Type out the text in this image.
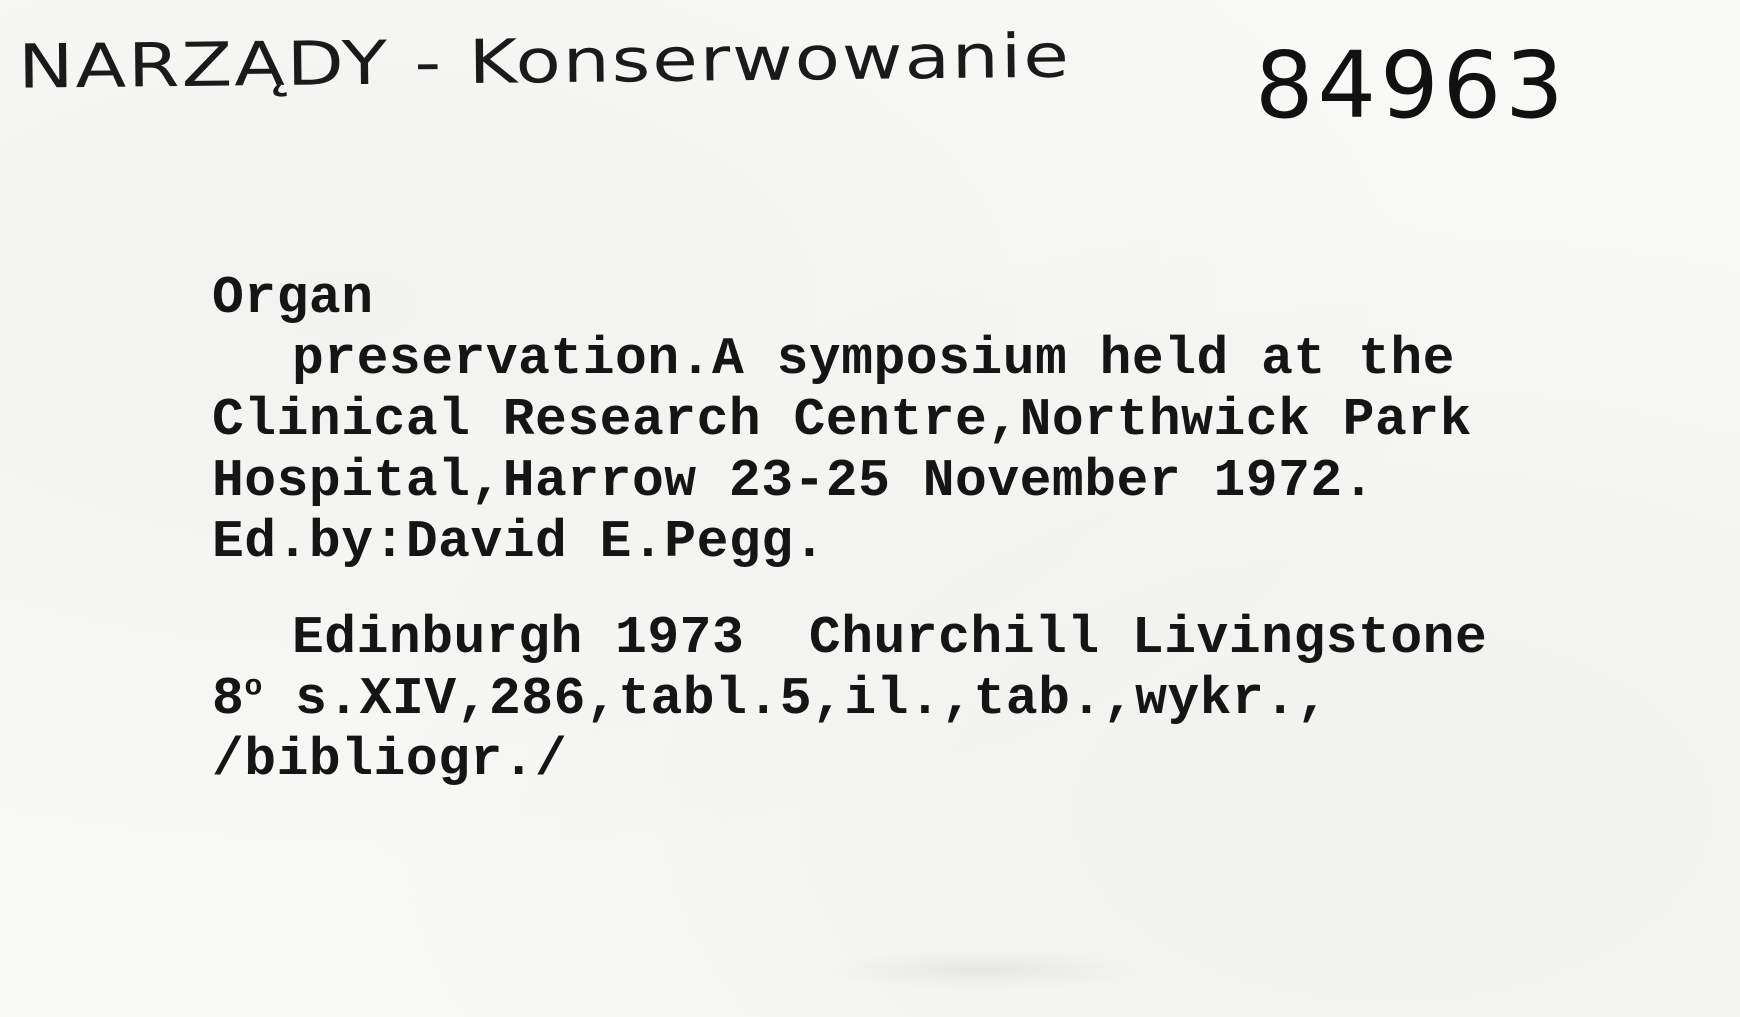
NARZĄDY - Konserwowanie 84963
Organ
preservation.A symposium held at the
Clinical Research Centre,Northwick Park
Hospital,Harrow 23-25 November 1972.
Ed.by:David E.Pegg.
Edinburgh 1973  Churchill Livingstone
8$^o$ s.XIV,286,tabl.5,il.,tab.,wykr.,
/bibliogr./
